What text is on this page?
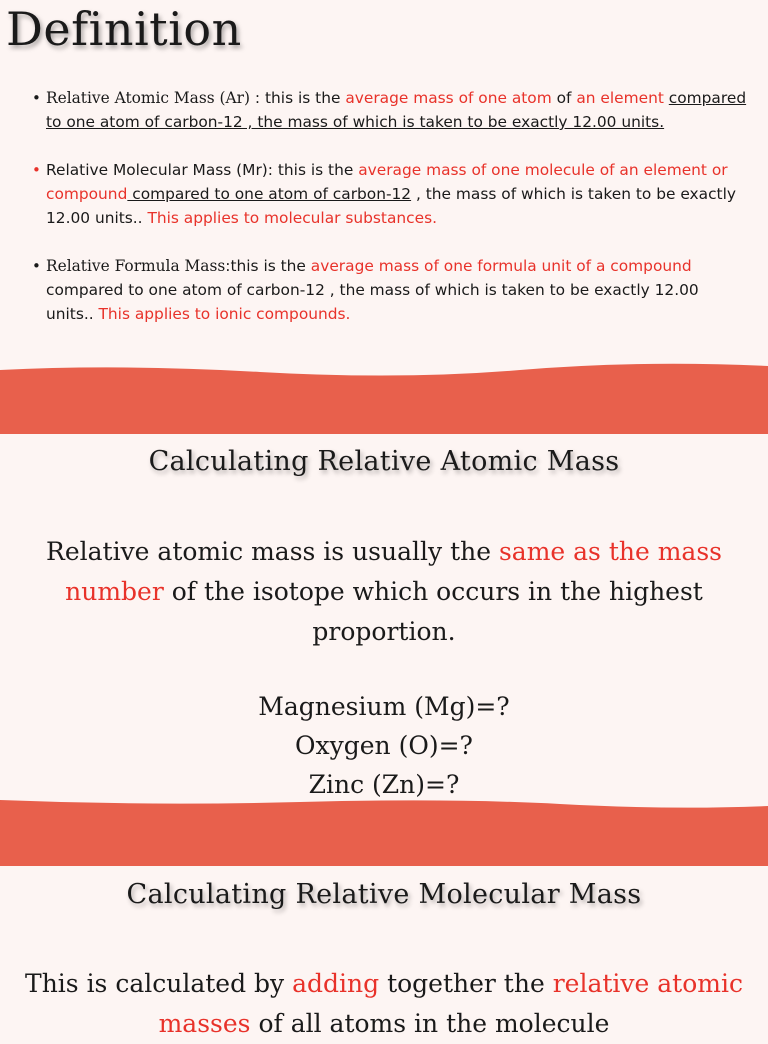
Definition
• Relative Atomic Mass (Ar) : this is the average mass of one atom of an element compared to one atom of carbon-12 , the mass of which is taken to be exactly 12.00 units.
• Relative Molecular Mass (Mr): this is the average mass of one molecule of an element or compound compared to one atom of carbon-12 , the mass of which is taken to be exactly 12.00 units.. This applies to molecular substances.
• Relative Formula Mass:this is the average mass of one formula unit of a compound compared to one atom of carbon-12 , the mass of which is taken to be exactly 12.00 units.. This applies to ionic compounds.
Calculating Relative Atomic Mass

Relative atomic mass is usually the same as the mass number of the isotope which occurs in the highest proportion.

Magnesium (Mg)=?
Oxygen (O)=?
Zinc (Zn)=?
Calculating Relative Molecular Mass

This is calculated by adding together the relative atomic masses of all atoms in the molecule
